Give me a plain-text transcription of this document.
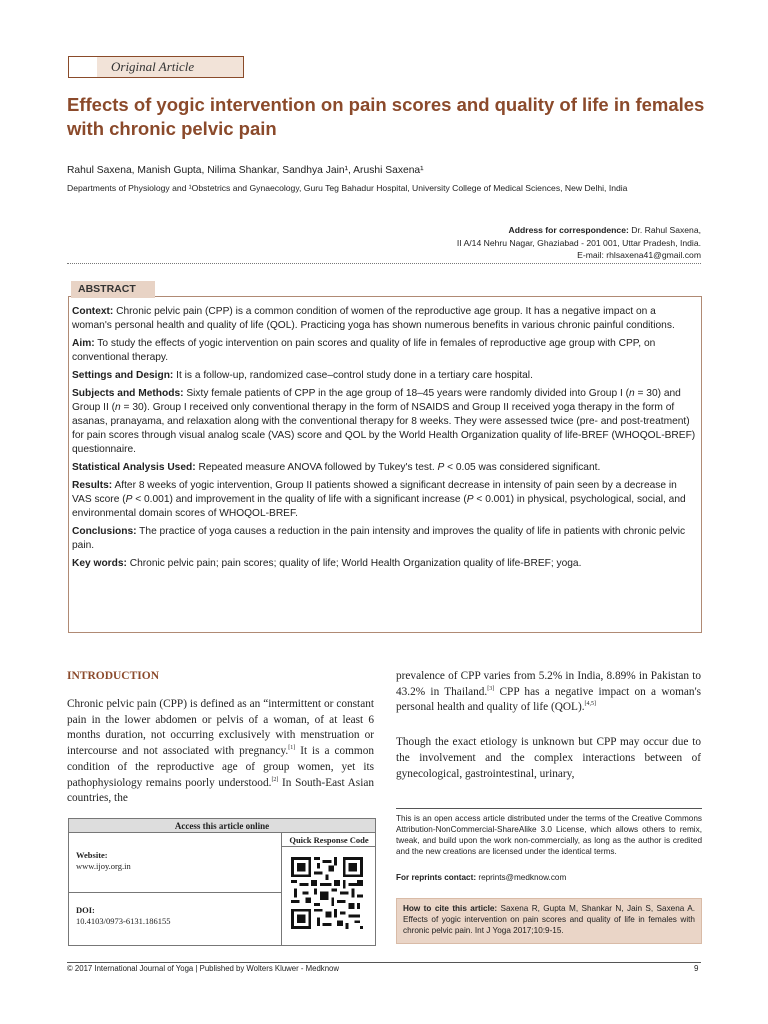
Original Article
Effects of yogic intervention on pain scores and quality of life in females with chronic pelvic pain
Rahul Saxena, Manish Gupta, Nilima Shankar, Sandhya Jain¹, Arushi Saxena¹
Departments of Physiology and ¹Obstetrics and Gynaecology, Guru Teg Bahadur Hospital, University College of Medical Sciences, New Delhi, India
Address for correspondence: Dr. Rahul Saxena,
II A/14 Nehru Nagar, Ghaziabad - 201 001, Uttar Pradesh, India.
E-mail: rhlsaxena41@gmail.com
ABSTRACT

Context: Chronic pelvic pain (CPP) is a common condition of women of the reproductive age group. It has a negative impact on a woman's personal health and quality of life (QOL). Practicing yoga has shown numerous benefits in various chronic painful conditions.

Aim: To study the effects of yogic intervention on pain scores and quality of life in females of reproductive age group with CPP, on conventional therapy.

Settings and Design: It is a follow-up, randomized case–control study done in a tertiary care hospital.

Subjects and Methods: Sixty female patients of CPP in the age group of 18–45 years were randomly divided into Group I (n = 30) and Group II (n = 30). Group I received only conventional therapy in the form of NSAIDS and Group II received yoga therapy in the form of asanas, pranayama, and relaxation along with the conventional therapy for 8 weeks. They were assessed twice (pre- and post-treatment) for pain scores through visual analog scale (VAS) score and QOL by the World Health Organization quality of life-BREF (WHOQOL-BREF) questionnaire.

Statistical Analysis Used: Repeated measure ANOVA followed by Tukey's test. P < 0.05 was considered significant.

Results: After 8 weeks of yogic intervention, Group II patients showed a significant decrease in intensity of pain seen by a decrease in VAS score (P < 0.001) and improvement in the quality of life with a significant increase (P < 0.001) in physical, psychological, social, and environmental domain scores of WHOQOL-BREF.

Conclusions: The practice of yoga causes a reduction in the pain intensity and improves the quality of life in patients with chronic pelvic pain.

Key words: Chronic pelvic pain; pain scores; quality of life; World Health Organization quality of life-BREF; yoga.

INTRODUCTION

Chronic pelvic pain (CPP) is defined as an “intermittent or constant pain in the lower abdomen or pelvis of a woman, of at least 6 months duration, not occurring exclusively with menstruation or intercourse and not associated with pregnancy.[1] It is a common condition of the reproductive age of group women, yet its pathophysiology remains poorly understood.[2] In South-East Asian countries, the

prevalence of CPP varies from 5.2% in India, 8.89% in Pakistan to 43.2% in Thailand.[3] CPP has a negative impact on a woman's personal health and quality of life (QOL).[4,5]

Though the exact etiology is unknown but CPP may occur due to the involvement and the complex interactions between of gynecological, gastrointestinal, urinary,

Access this article online
Quick Response Code
Website:
www.ijoy.org.in
DOI:
10.4103/0973-6131.186155
This is an open access article distributed under the terms of the Creative Commons Attribution-NonCommercial-ShareAlike 3.0 License, which allows others to remix, tweak, and build upon the work non-commercially, as long as the author is credited and the new creations are licensed under the identical terms.
For reprints contact: reprints@medknow.com
How to cite this article: Saxena R, Gupta M, Shankar N, Jain S, Saxena A. Effects of yogic intervention on pain scores and quality of life in females with chronic pelvic pain. Int J Yoga 2017;10:9-15.
© 2017 International Journal of Yoga | Published by Wolters Kluwer - Medknow	9
